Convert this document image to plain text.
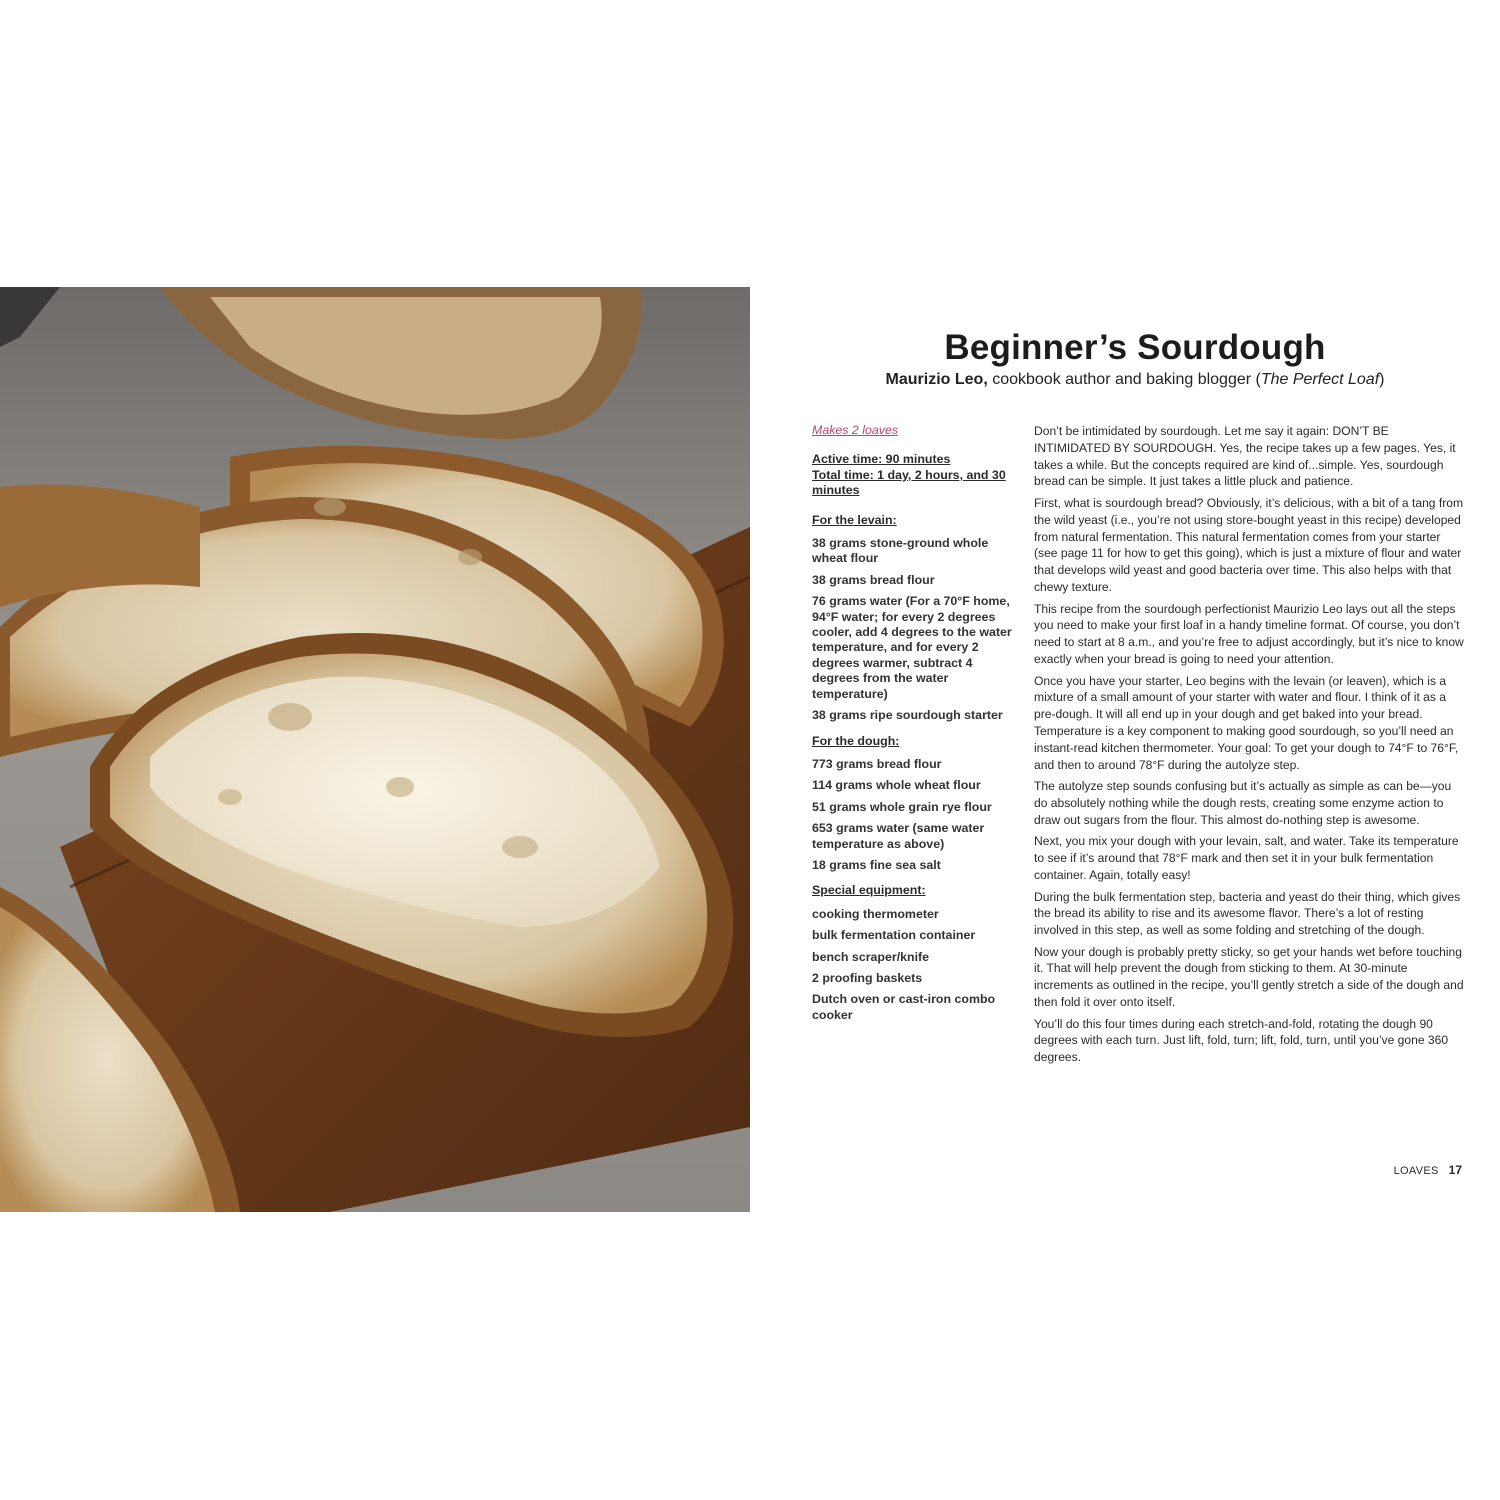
Beginner’s Sourdough
Maurizio Leo, cookbook author and baking blogger (The Perfect Loaf)
Makes 2 loaves
Active time: 90 minutes
Total time: 1 day, 2 hours, and 30 minutes
For the levain:
38 grams stone-ground whole wheat flour
38 grams bread flour
76 grams water (For a 70°F home, 94°F water; for every 2 degrees cooler, add 4 degrees to the water temperature, and for every 2 degrees warmer, subtract 4 degrees from the water temperature)
38 grams ripe sourdough starter
For the dough:
773 grams bread flour
114 grams whole wheat flour
51 grams whole grain rye flour
653 grams water (same water temperature as above)
18 grams fine sea salt
Special equipment:
cooking thermometer
bulk fermentation container
bench scraper/knife
2 proofing baskets
Dutch oven or cast-iron combo cooker

Don’t be intimidated by sourdough. Let me say it again: DON’T BE INTIMIDATED BY SOURDOUGH. Yes, the recipe takes up a few pages. Yes, it takes a while. But the concepts required are kind of...simple. Yes, sourdough bread can be simple. It just takes a little pluck and patience.

First, what is sourdough bread? Obviously, it’s delicious, with a bit of a tang from the wild yeast (i.e., you’re not using store-bought yeast in this recipe) developed from natural fermentation. This natural fermentation comes from your starter (see page 11 for how to get this going), which is just a mixture of flour and water that develops wild yeast and good bacteria over time. This also helps with that chewy texture.

This recipe from the sourdough perfectionist Maurizio Leo lays out all the steps you need to make your first loaf in a handy timeline format. Of course, you don’t need to start at 8 a.m., and you’re free to adjust accordingly, but it’s nice to know exactly when your bread is going to need your attention.

Once you have your starter, Leo begins with the levain (or leaven), which is a mixture of a small amount of your starter with water and flour. I think of it as a pre-dough. It will all end up in your dough and get baked into your bread. Temperature is a key component to making good sourdough, so you’ll need an instant-read kitchen thermometer. Your goal: To get your dough to 74°F to 76°F, and then to around 78°F during the autolyze step.

The autolyze step sounds confusing but it’s actually as simple as can be—you do absolutely nothing while the dough rests, creating some enzyme action to draw out sugars from the flour. This almost do-nothing step is awesome.

Next, you mix your dough with your levain, salt, and water. Take its temperature to see if it’s around that 78°F mark and then set it in your bulk fermentation container. Again, totally easy!

During the bulk fermentation step, bacteria and yeast do their thing, which gives the bread its ability to rise and its awesome flavor. There’s a lot of resting involved in this step, as well as some folding and stretching of the dough.

Now your dough is probably pretty sticky, so get your hands wet before touching it. That will help prevent the dough from sticking to them. At 30-minute increments as outlined in the recipe, you’ll gently stretch a side of the dough and then fold it over onto itself.

You’ll do this four times during each stretch-and-fold, rotating the dough 90 degrees with each turn. Just lift, fold, turn; lift, fold, turn, until you’ve gone 360 degrees.

LOAVES 17
